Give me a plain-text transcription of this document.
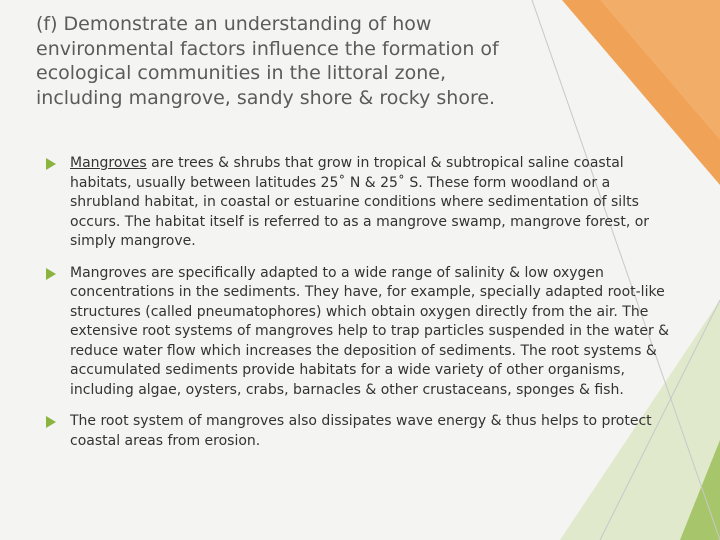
(f) Demonstrate an understanding of how environmental factors influence the formation of ecological communities in the littoral zone, including mangrove, sandy shore & rocky shore.
Mangroves are trees & shrubs that grow in tropical & subtropical saline coastal habitats, usually between latitudes 25˚ N & 25˚ S. These form woodland or a shrubland habitat, in coastal or estuarine conditions where sedimentation of silts occurs. The habitat itself is referred to as a mangrove swamp, mangrove forest, or simply mangrove.
Mangroves are specifically adapted to a wide range of salinity & low oxygen concentrations in the sediments. They have, for example, specially adapted root-like structures (called pneumatophores) which obtain oxygen directly from the air. The extensive root systems of mangroves help to trap particles suspended in the water & reduce water flow which increases the deposition of sediments. The root systems & accumulated sediments provide habitats for a wide variety of other organisms, including algae, oysters, crabs, barnacles & other crustaceans, sponges & fish.
The root system of mangroves also dissipates wave energy & thus helps to protect coastal areas from erosion.
